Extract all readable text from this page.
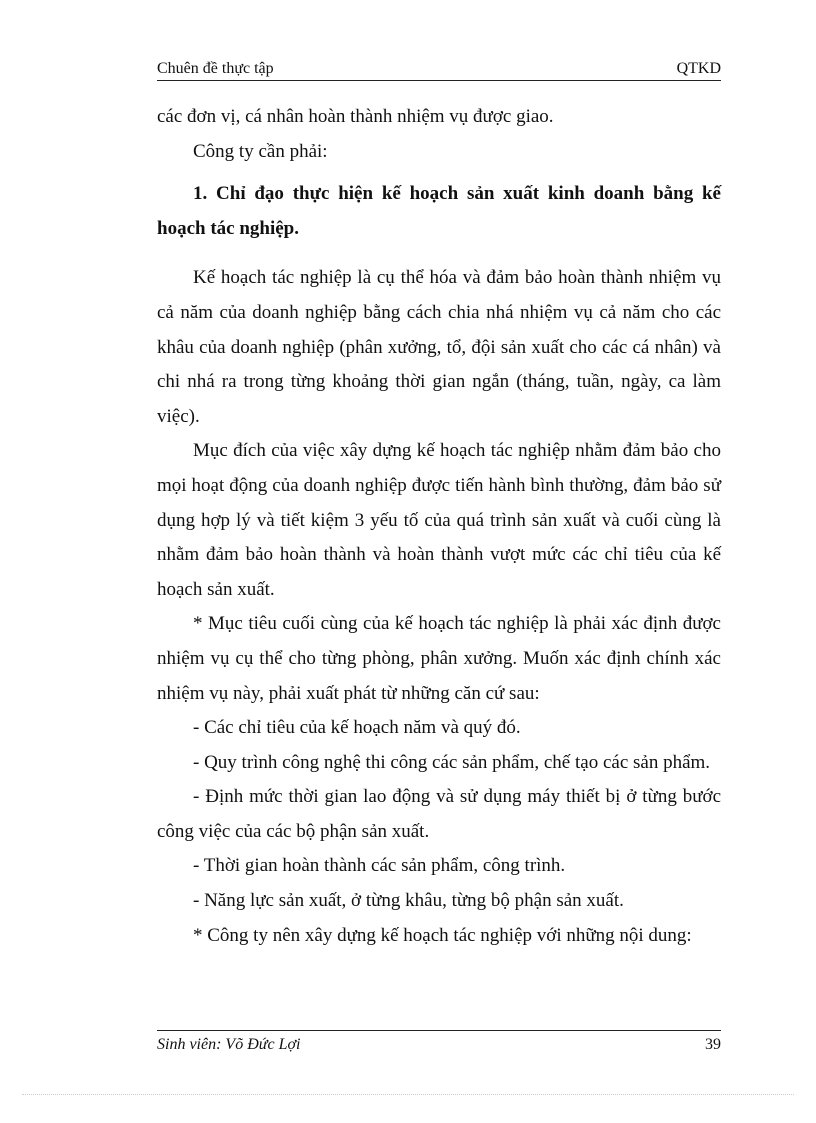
Chuên đề thực tập	QTKD

các đơn vị, cá nhân hoàn thành nhiệm vụ được giao.

Công ty cần phải:

1. Chỉ đạo thực hiện kế hoạch sản xuất kinh doanh bằng kế hoạch tác nghiệp.

Kế hoạch tác nghiệp là cụ thể hóa và đảm bảo hoàn thành nhiệm vụ cả năm của doanh nghiệp bằng cách chia nhá nhiệm vụ cả năm cho các khâu của doanh nghiệp (phân xưởng, tổ, đội sản xuất cho các cá nhân) và chi nhá ra trong từng khoảng thời gian ngắn (tháng, tuần, ngày, ca làm việc).

Mục đích của việc xây dựng kế hoạch tác nghiệp nhằm đảm bảo cho mọi hoạt động của doanh nghiệp được tiến hành bình thường, đảm bảo sử dụng hợp lý và tiết kiệm 3 yếu tố của quá trình sản xuất và cuối cùng là nhằm đảm bảo hoàn thành và hoàn thành vượt mức các chỉ tiêu của kế hoạch sản xuất.

* Mục tiêu cuối cùng của kế hoạch tác nghiệp là phải xác định được nhiệm vụ cụ thể cho từng phòng, phân xưởng. Muốn xác định chính xác nhiệm vụ này, phải xuất phát từ những căn cứ sau:

- Các chỉ tiêu của kế hoạch năm và quý đó.

- Quy trình công nghệ thi công các sản phẩm, chế tạo các sản phẩm.

- Định mức thời gian lao động và sử dụng máy thiết bị ở từng bước công việc của các bộ phận sản xuất.

- Thời gian hoàn thành các sản phẩm, công trình.

- Năng lực sản xuất, ở từng khâu, từng bộ phận sản xuất.

* Công ty nên xây dựng kế hoạch tác nghiệp với những nội dung:

Sinh viên: Võ Đức Lợi	39
